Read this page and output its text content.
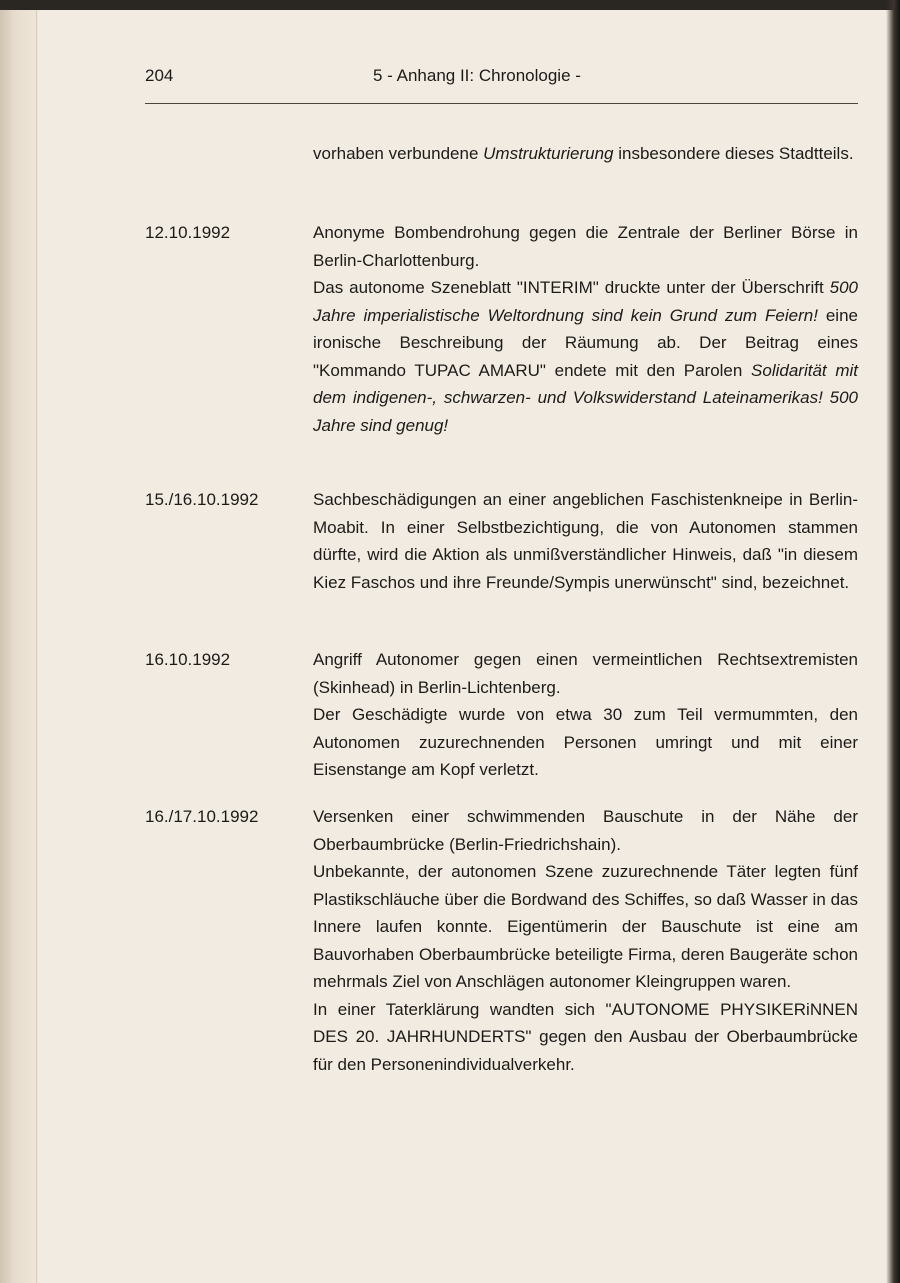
204	5 - Anhang II: Chronologie -

vorhaben verbundene Umstrukturierung insbesondere dieses Stadtteils.

12.10.1992	Anonyme Bombendrohung gegen die Zentrale der Berliner Börse in Berlin-Charlottenburg.

Das autonome Szeneblatt "INTERIM" druckte unter der Überschrift 500 Jahre imperialistische Weltordnung sind kein Grund zum Feiern! eine ironische Beschreibung der Räumung ab. Der Beitrag eines "Kommando TUPAC AMARU" endete mit den Parolen Solidarität mit dem indigenen-, schwarzen- und Volkswiderstand Lateinamerikas! 500 Jahre sind genug!

15./16.10.1992	Sachbeschädigungen an einer angeblichen Faschistenkneipe in Berlin-Moabit. In einer Selbstbezichtigung, die von Autonomen stammen dürfte, wird die Aktion als unmißverständlicher Hinweis, daß "in diesem Kiez Faschos und ihre Freunde/Sympis unerwünscht" sind, bezeichnet.

16.10.1992	Angriff Autonomer gegen einen vermeintlichen Rechtsextremisten (Skinhead) in Berlin-Lichtenberg.

Der Geschädigte wurde von etwa 30 zum Teil vermummten, den Autonomen zuzurechnenden Personen umringt und mit einer Eisenstange am Kopf verletzt.

16./17.10.1992	Versenken einer schwimmenden Bauschute in der Nähe der Oberbaumbrücke (Berlin-Friedrichshain).

Unbekannte, der autonomen Szene zuzurechnende Täter legten fünf Plastikschläuche über die Bordwand des Schiffes, so daß Wasser in das Innere laufen konnte. Eigentümerin der Bauschute ist eine am Bauvorhaben Oberbaumbrücke beteiligte Firma, deren Baugeräte schon mehrmals Ziel von Anschlägen autonomer Kleingruppen waren.

In einer Taterklärung wandten sich "AUTONOME PHYSIKERiNNEN DES 20. JAHRHUNDERTS" gegen den Ausbau der Oberbaumbrücke für den Personenindividualverkehr.
